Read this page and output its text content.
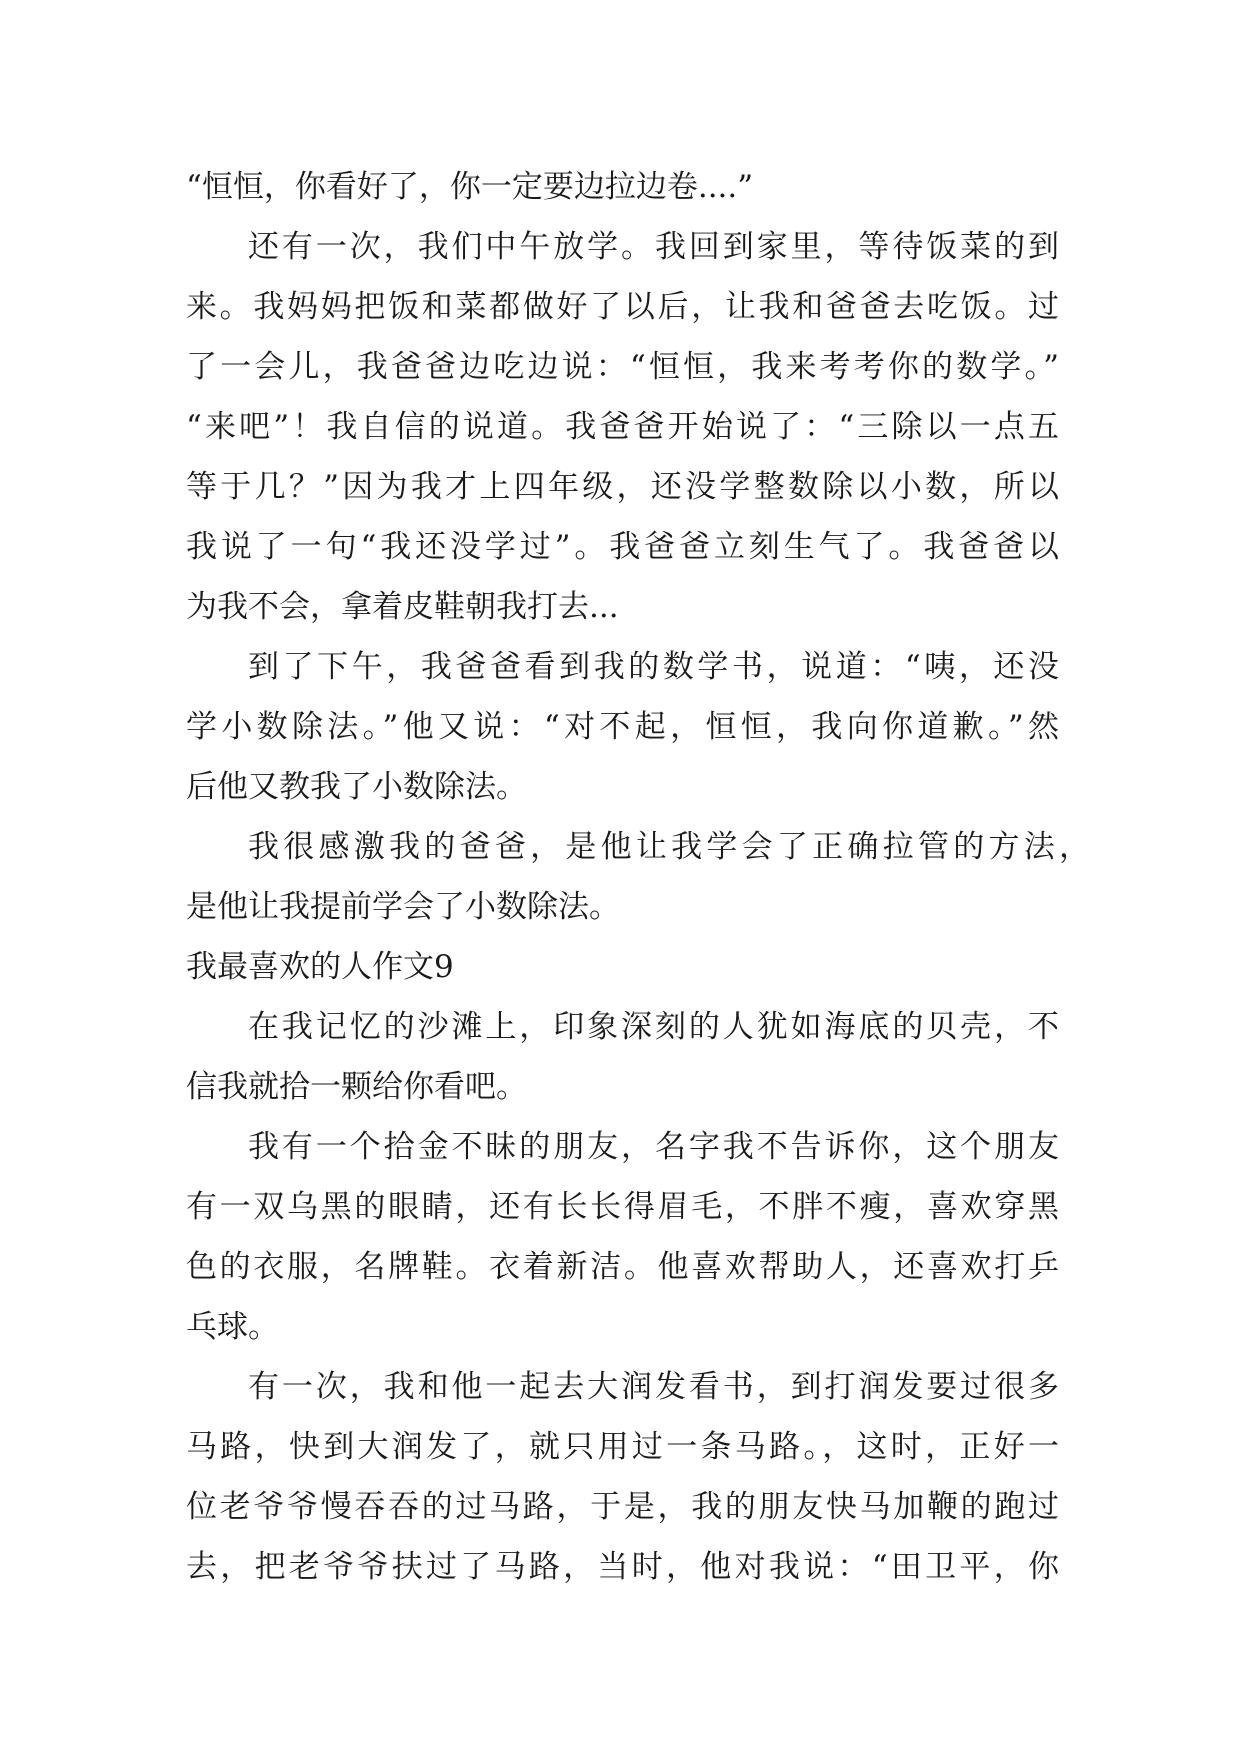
“恒恒，你看好了，你一定要边拉边卷....”
还有一次，我们中午放学。我回到家里，等待饭菜的到
来。我妈妈把饭和菜都做好了以后，让我和爸爸去吃饭。过
了一会儿，我爸爸边吃边说：“恒恒，我来考考你的数学。”
“来吧”！我自信的说道。我爸爸开始说了：“三除以一点五
等于几？”因为我才上四年级，还没学整数除以小数，所以
我说了一句“我还没学过”。我爸爸立刻生气了。我爸爸以
为我不会，拿着皮鞋朝我打去...
到了下午，我爸爸看到我的数学书，说道：“咦，还没
学小数除法。”他又说：“对不起，恒恒，我向你道歉。”然
后他又教我了小数除法。
我很感激我的爸爸，是他让我学会了正确拉管的方法，
是他让我提前学会了小数除法。
我最喜欢的人作文9
在我记忆的沙滩上，印象深刻的人犹如海底的贝壳，不
信我就拾一颗给你看吧。
我有一个拾金不昧的朋友，名字我不告诉你，这个朋友
有一双乌黑的眼睛，还有长长得眉毛，不胖不瘦，喜欢穿黑
色的衣服，名牌鞋。衣着新洁。他喜欢帮助人，还喜欢打乒
乓球。
有一次，我和他一起去大润发看书，到打润发要过很多
马路，快到大润发了，就只用过一条马路。，这时，正好一
位老爷爷慢吞吞的过马路，于是，我的朋友快马加鞭的跑过
去，把老爷爷扶过了马路，当时，他对我说：“田卫平，你
